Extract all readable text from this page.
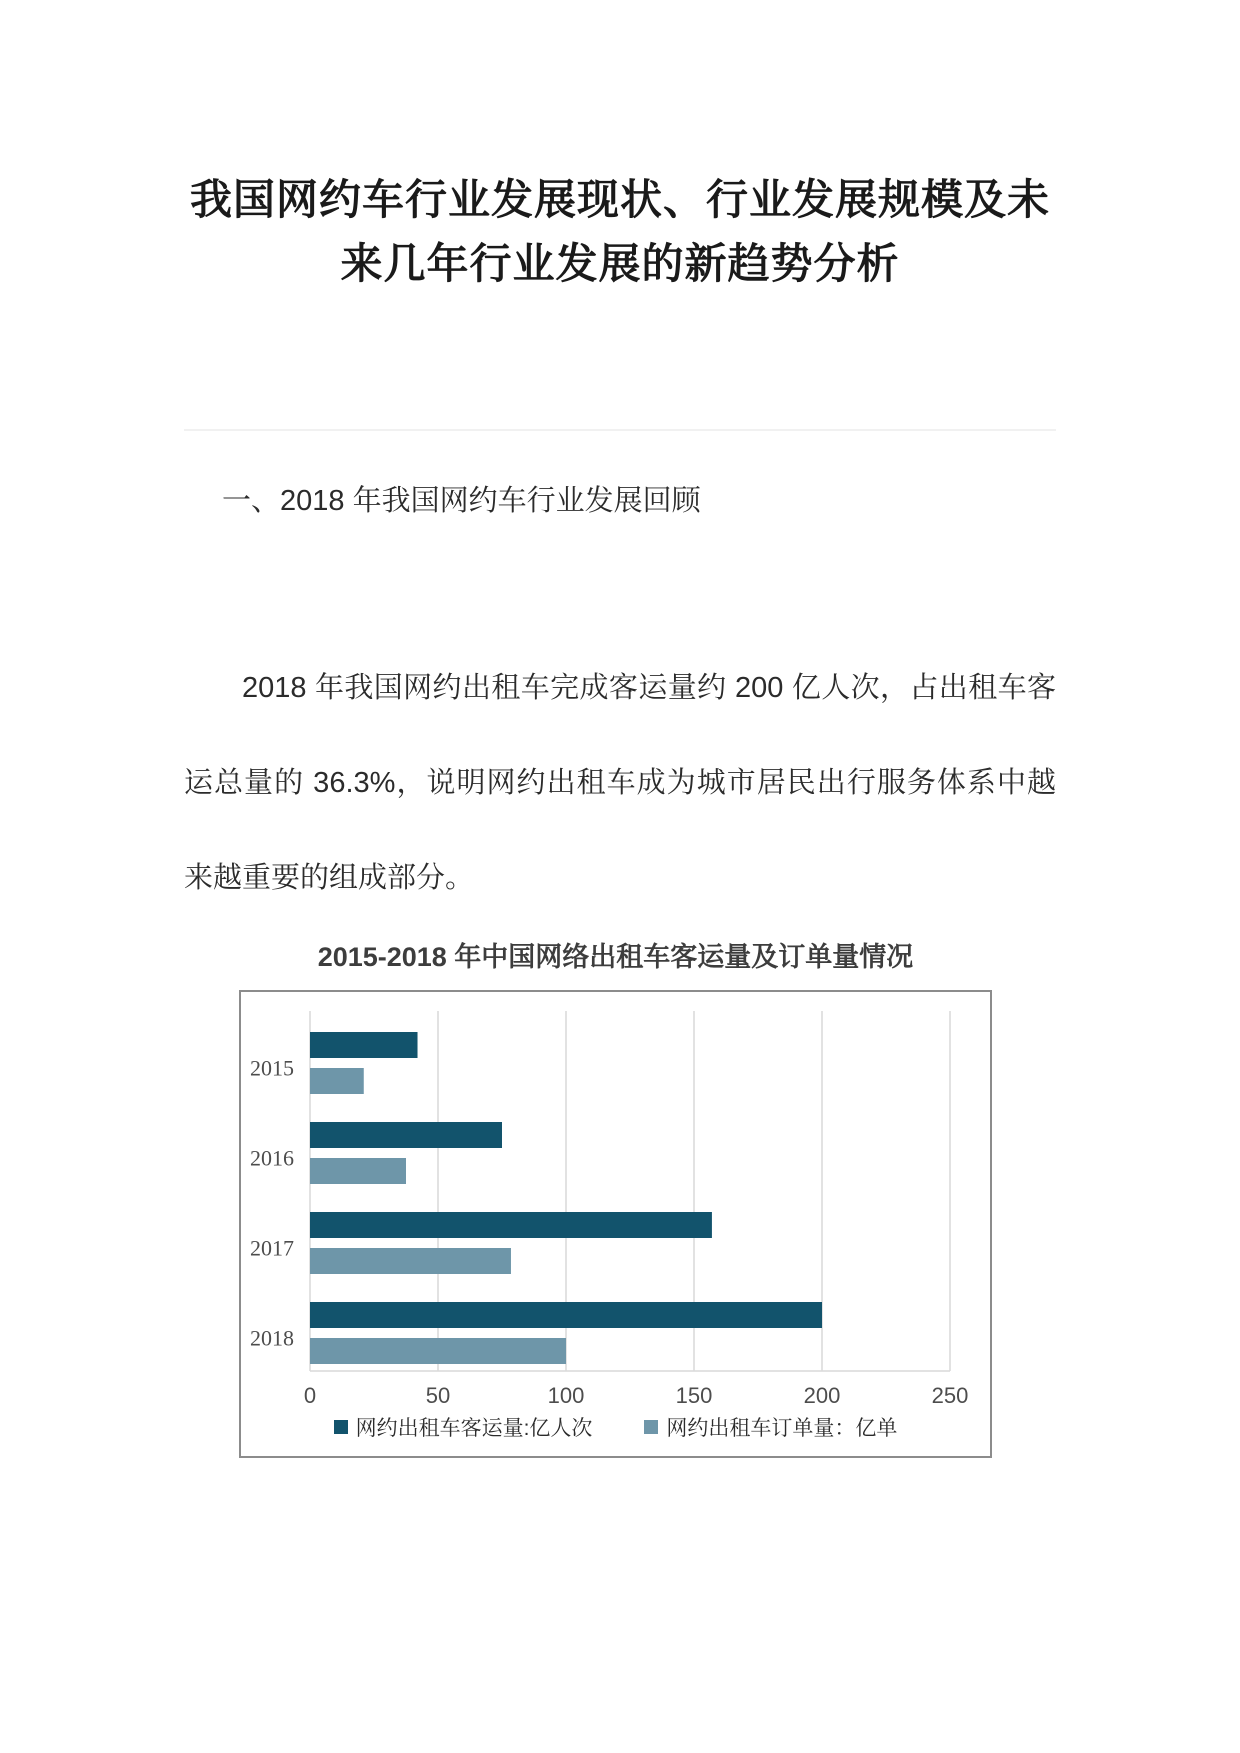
我国网约车行业发展现状、行业发展规模及未来几年行业发展的新趋势分析
一、2018 年我国网约车行业发展回顾

2018 年我国网约出租车完成客运量约 200 亿人次，占出租车客运总量的 36.3%，说明网约出租车成为城市居民出行服务体系中越来越重要的组成部分。

2015-2018 年中国网络出租车客运量及订单量情况
2015
2016
2017
2018
0	50	100	150	200	250
网约出租车客运量:亿人次	网约出租车订单量：亿单
